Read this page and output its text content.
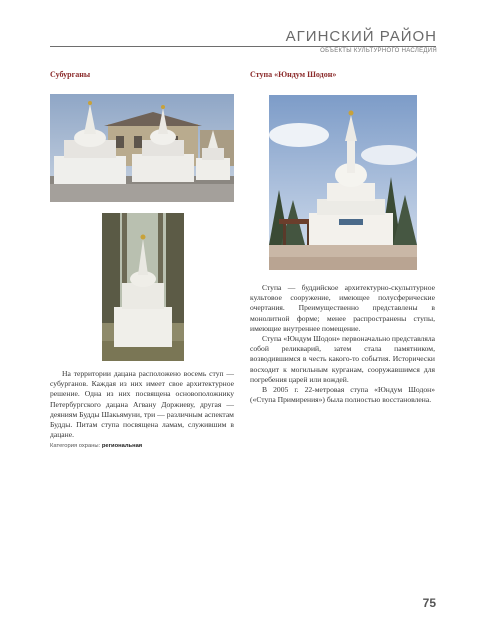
АГИНСКИЙ РАЙОН
ОБЪЕКТЫ КУЛЬТУРНОГО НАСЛЕДИЯ
Субурганы

На территории дацана расположено восемь ступ — субурганов. Каждая из них имеет свое архитектурное решение. Одна из них посвящена основоположнику Петербургского дацана Агвану Доржиеву, другая — деяниям Будды Шакьямуни, три — различным аспектам Будды. Питам ступа посвящена ламам, служившим в дацане.

Категория охраны: региональная
Ступа «Юндум Шодон»

Ступа — буддийское архитектурно-скульптурное культовое сооружение, имеющее полусферические очертания. Преимущественно представлены в монолитной форме; менее распространены ступы, имеющие внутреннее помещение.

Ступа «Юндум Шодон» первоначально представляла собой реликварий, затем стала памятником, возводившимся в честь какого-то события. Исторически восходит к могильным курганам, сооружавшимся для погребения царей или вождей.

В 2005 г. 22-метровая ступа «Юндум Шодон» («Ступа Примирения») была полностью восстановлена.

75
